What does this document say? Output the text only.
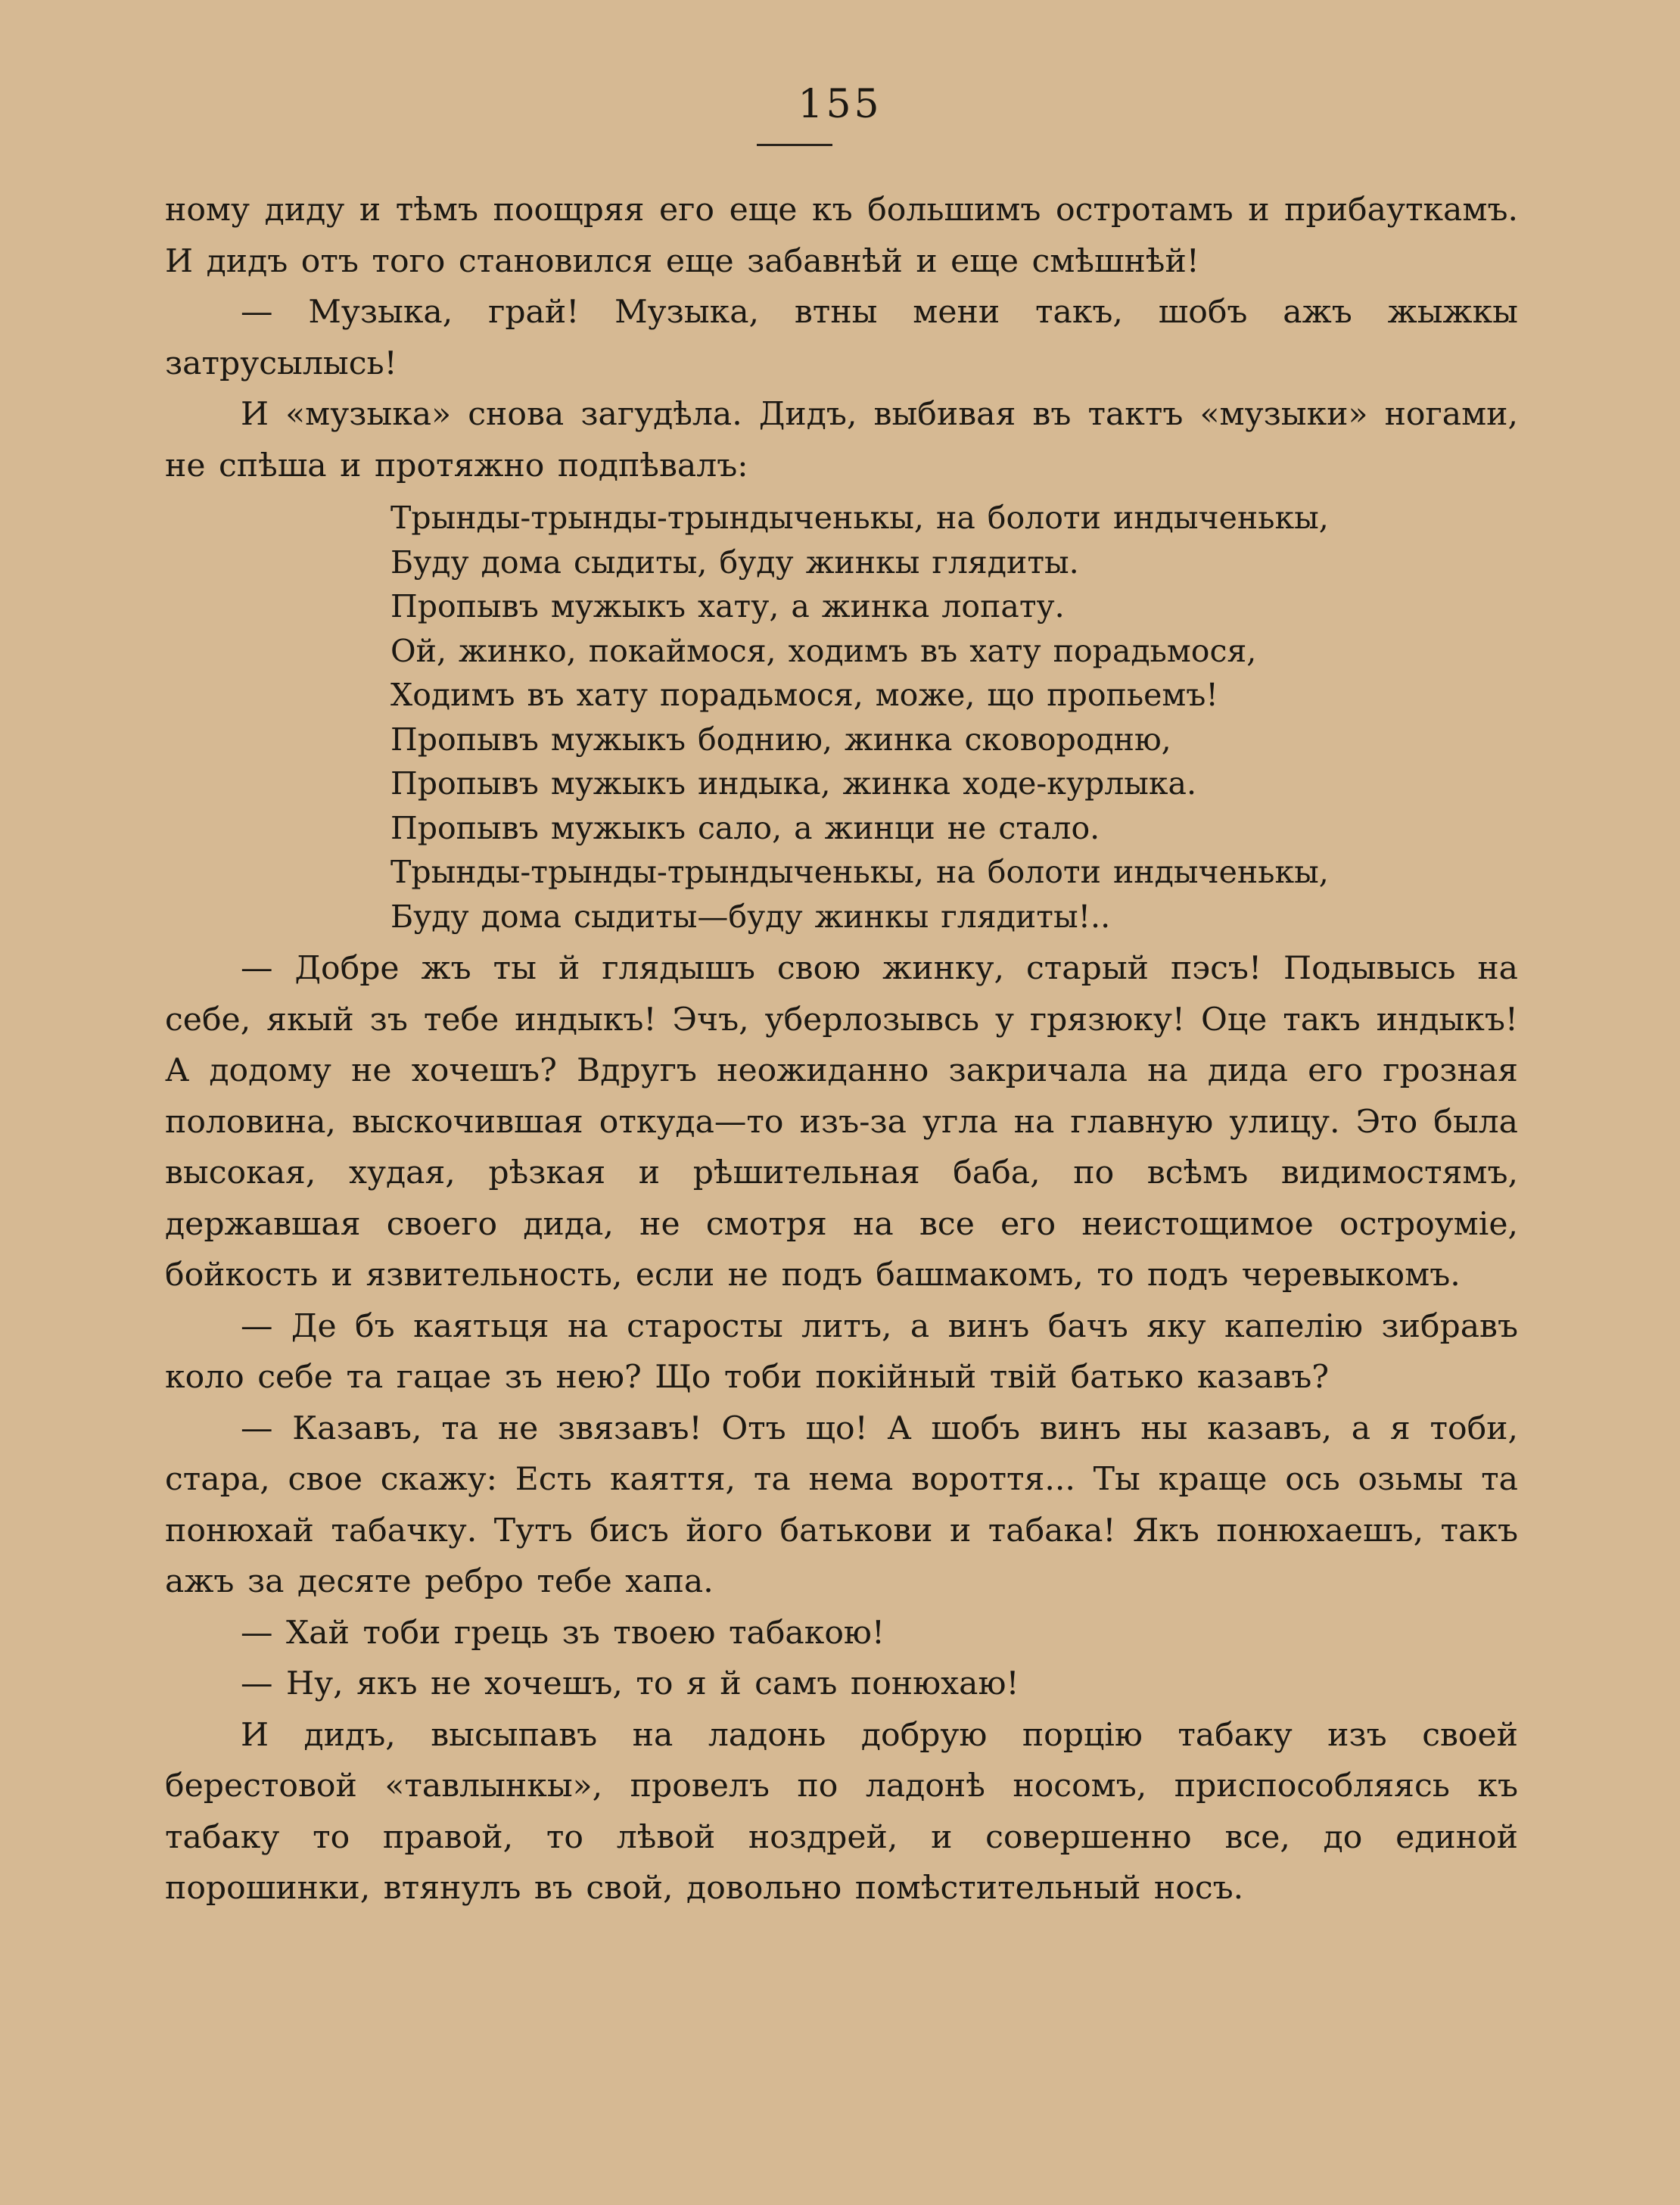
155

ному диду и тѣмъ поощряя его еще къ большимъ остротамъ и прибауткамъ. И дидъ отъ того становился еще забавнѣй и еще смѣшнѣй!

— Музыка, грай! Музыка, втны мени такъ, шобъ ажъ жыжкы затрусылысь!

И «музыка» снова загудѣла. Дидъ, выбивая въ тактъ «музыки» ногами, не спѣша и протяжно подпѣвалъ:

Трынды-трынды-трындыченькы, на болоти индыченькы,
Буду дома сыдиты, буду жинкы глядиты.
Пропывъ мужыкъ хату, а жинка лопату.
Ой, жинко, покаймося, ходимъ въ хату порадьмося,
Ходимъ въ хату порадьмося, може, що пропьемъ!
Пропывъ мужыкъ боднию, жинка сковородню,
Пропывъ мужыкъ индыка, жинка ходе-курлыка.
Пропывъ мужыкъ сало, а жинци не стало.
Трынды-трынды-трындыченькы, на болоти индыченькы,
Буду дома сыдиты—буду жинкы глядиты!..

— Добре жъ ты й глядышъ свою жинку, старый пэсъ! Подывысь на себе, якый зъ тебе индыкъ! Эчъ, уберлозывсь у грязюку! Оце такъ индыкъ! А додому не хочешъ? Вдругъ неожиданно закричала на дида его грозная половина, выскочившая откуда—то изъ-за угла на главную улицу. Это была высокая, худая, рѣзкая и рѣшительная баба, по всѣмъ видимостямъ, державшая своего дида, не смотря на все его неистощимое остроуміе, бойкость и язвительность, если не подъ башмакомъ, то подъ черевыкомъ.

— Де бъ каятьця на старосты литъ, а винъ бачъ яку капелію зибравъ коло себе та гацае зъ нею? Що тоби покійный твій батько казавъ?

— Казавъ, та не звязавъ! Отъ що! А шобъ винъ ны казавъ, а я тоби, стара, свое скажу: Есть каяття, та нема вороття... Ты краще ось озьмы та понюхай табачку. Тутъ бисъ його батькови и табака! Якъ понюхаешъ, такъ ажъ за десяте ребро тебе хапа.

— Хай тоби грець зъ твоею табакою!

— Ну, якъ не хочешъ, то я й самъ понюхаю!

И дидъ, высыпавъ на ладонь добрую порцію табаку изъ своей берестовой «тавлынкы», провелъ по ладонѣ носомъ, приспособляясь къ табаку то правой, то лѣвой ноздрей, и совершенно все, до единой порошинки, втянулъ въ свой, довольно помѣстительный носъ.
